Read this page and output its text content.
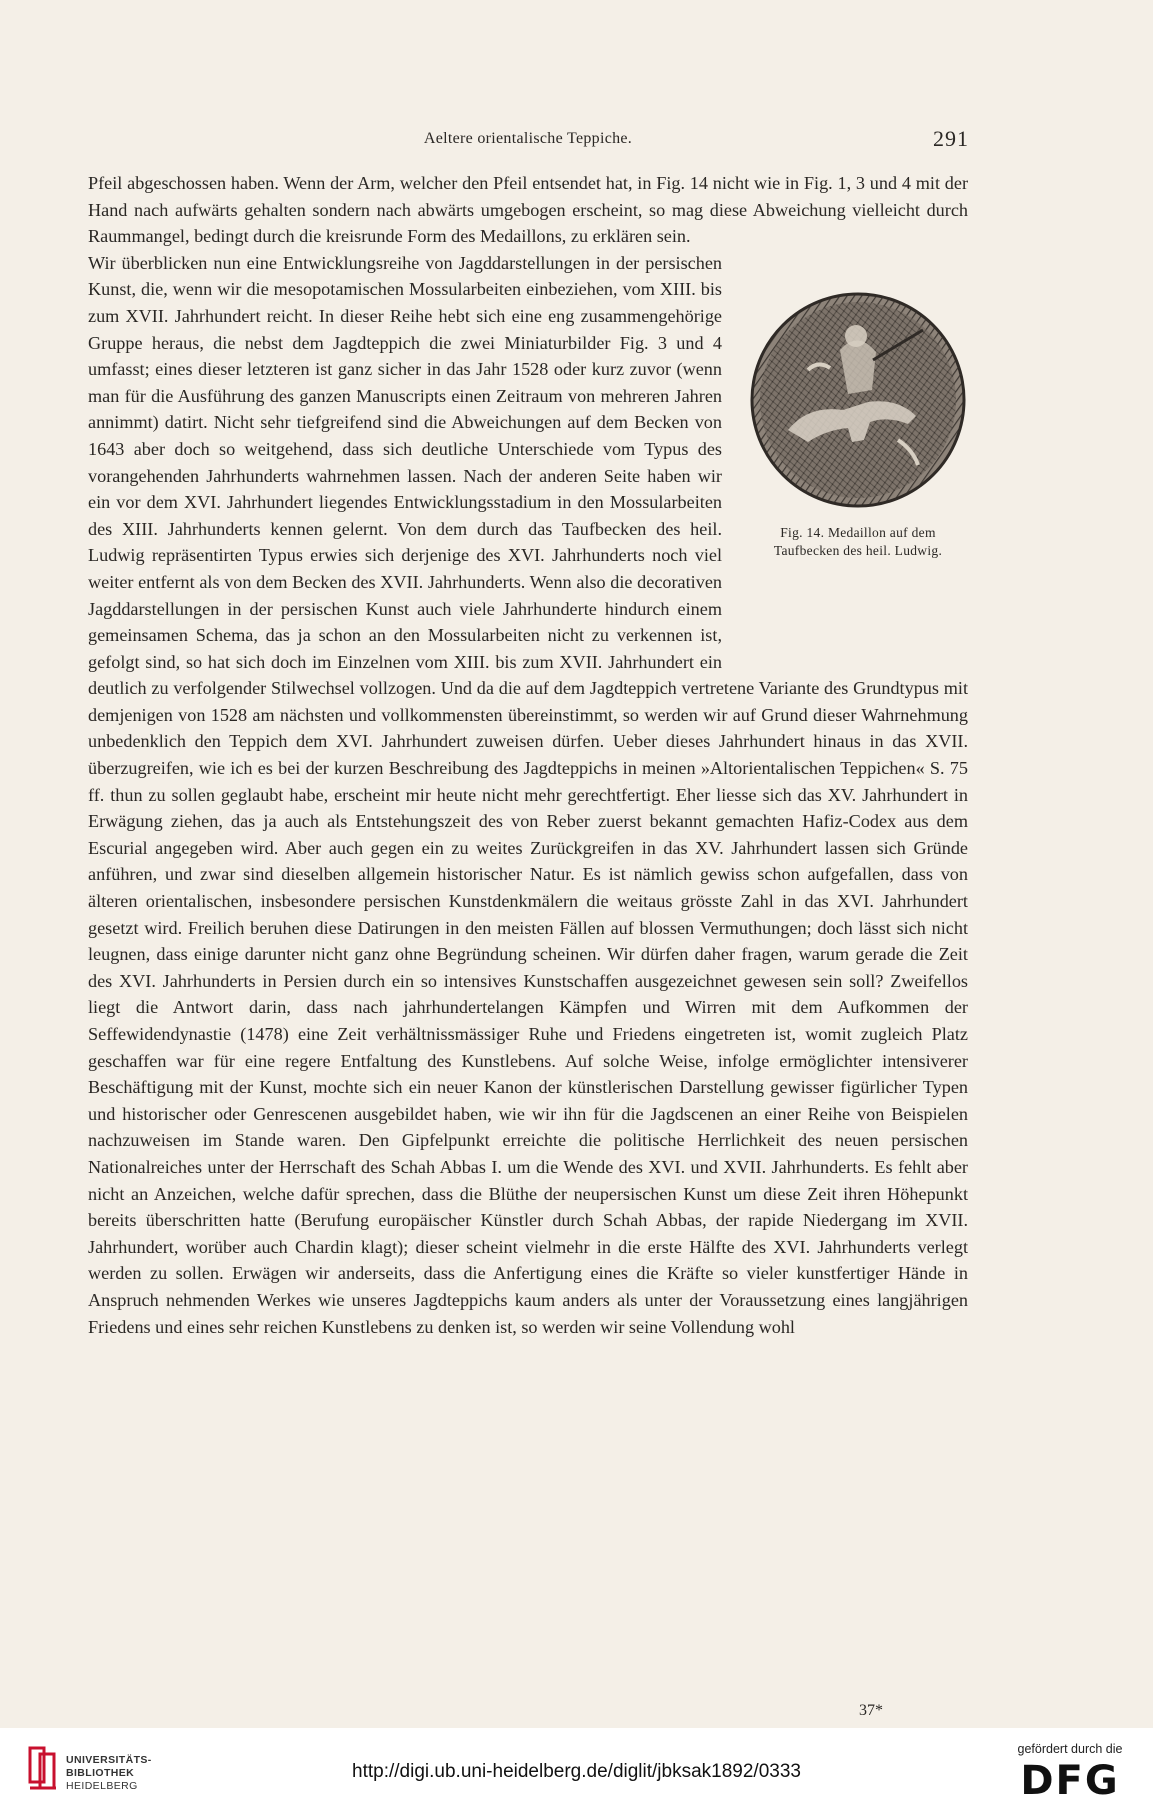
Aeltere orientalische Teppiche.	291

Pfeil abgeschossen haben. Wenn der Arm, welcher den Pfeil entsendet hat, in Fig. 14 nicht wie in Fig. 1, 3 und 4 mit der Hand nach aufwärts gehalten sondern nach abwärts umgebogen erscheint, so mag diese Abweichung vielleicht durch Raummangel, bedingt durch die kreisrunde Form des Medaillons, zu erklären sein.

Fig. 14. Medaillon auf dem
Taufbecken des heil. Ludwig.

Wir überblicken nun eine Entwicklungsreihe von Jagddarstellungen in der persischen Kunst, die, wenn wir die mesopotamischen Mossularbeiten einbeziehen, vom XIII. bis zum XVII. Jahrhundert reicht. In dieser Reihe hebt sich eine eng zusammengehörige Gruppe heraus, die nebst dem Jagdteppich die zwei Miniaturbilder Fig. 3 und 4 umfasst; eines dieser letzteren ist ganz sicher in das Jahr 1528 oder kurz zuvor (wenn man für die Ausführung des ganzen Manuscripts einen Zeitraum von mehreren Jahren annimmt) datirt. Nicht sehr tiefgreifend sind die Abweichungen auf dem Becken von 1643 aber doch so weitgehend, dass sich deutliche Unterschiede vom Typus des vorangehenden Jahrhunderts wahrnehmen lassen. Nach der anderen Seite haben wir ein vor dem XVI. Jahrhundert liegendes Entwicklungsstadium in den Mossularbeiten des XIII. Jahrhunderts kennen gelernt. Von dem durch das Taufbecken des heil. Ludwig repräsentirten Typus erwies sich derjenige des XVI. Jahrhunderts noch viel weiter entfernt als von dem Becken des XVII. Jahrhunderts. Wenn also die decorativen Jagddarstellungen in der persischen Kunst auch viele Jahrhunderte hindurch einem gemeinsamen Schema, das ja schon an den Mossularbeiten nicht zu verkennen ist, gefolgt sind, so hat sich doch im Einzelnen vom XIII. bis zum XVII. Jahrhundert ein deutlich zu verfolgender Stilwechsel vollzogen. Und da die auf dem Jagdteppich vertretene Variante des Grundtypus mit demjenigen von 1528 am nächsten und vollkommensten übereinstimmt, so werden wir auf Grund dieser Wahrnehmung unbedenklich den Teppich dem XVI. Jahrhundert zuweisen dürfen. Ueber dieses Jahrhundert hinaus in das XVII. überzugreifen, wie ich es bei der kurzen Beschreibung des Jagdteppichs in meinen »Altorientalischen Teppichen« S. 75 ff. thun zu sollen geglaubt habe, erscheint mir heute nicht mehr gerechtfertigt. Eher liesse sich das XV. Jahrhundert in Erwägung ziehen, das ja auch als Entstehungszeit des von Reber zuerst bekannt gemachten Hafiz-Codex aus dem Escurial angegeben wird. Aber auch gegen ein zu weites Zurückgreifen in das XV. Jahrhundert lassen sich Gründe anführen, und zwar sind dieselben allgemein historischer Natur. Es ist nämlich gewiss schon aufgefallen, dass von älteren orientalischen, insbesondere persischen Kunstdenkmälern die weitaus grösste Zahl in das XVI. Jahrhundert gesetzt wird. Freilich beruhen diese Datirungen in den meisten Fällen auf blossen Vermuthungen; doch lässt sich nicht leugnen, dass einige darunter nicht ganz ohne Begründung scheinen. Wir dürfen daher fragen, warum gerade die Zeit des XVI. Jahrhunderts in Persien durch ein so intensives Kunstschaffen ausgezeichnet gewesen sein soll? Zweifellos liegt die Antwort darin, dass nach jahrhundertelangen Kämpfen und Wirren mit dem Aufkommen der Seffewidendynastie (1478) eine Zeit verhältnissmässiger Ruhe und Friedens eingetreten ist, womit zugleich Platz geschaffen war für eine regere Entfaltung des Kunstlebens. Auf solche Weise, infolge ermöglichter intensiverer Beschäftigung mit der Kunst, mochte sich ein neuer Kanon der künstlerischen Darstellung gewisser figürlicher Typen und historischer oder Genrescenen ausgebildet haben, wie wir ihn für die Jagdscenen an einer Reihe von Beispielen nachzuweisen im Stande waren. Den Gipfelpunkt erreichte die politische Herrlichkeit des neuen persischen Nationalreiches unter der Herrschaft des Schah Abbas I. um die Wende des XVI. und XVII. Jahrhunderts. Es fehlt aber nicht an Anzeichen, welche dafür sprechen, dass die Blüthe der neupersischen Kunst um diese Zeit ihren Höhepunkt bereits überschritten hatte (Berufung europäischer Künstler durch Schah Abbas, der rapide Niedergang im XVII. Jahrhundert, worüber auch Chardin klagt); dieser scheint vielmehr in die erste Hälfte des XVI. Jahrhunderts verlegt werden zu sollen. Erwägen wir anderseits, dass die Anfertigung eines die Kräfte so vieler kunstfertiger Hände in Anspruch nehmenden Werkes wie unseres Jagdteppichs kaum anders als unter der Voraussetzung eines langjährigen Friedens und eines sehr reichen Kunstlebens zu denken ist, so werden wir seine Vollendung wohl

37*
UNIVERSITÄTS-
BIBLIOTHEK
HEIDELBERG
http://digi.ub.uni-heidelberg.de/diglit/jbksak1892/0333
gefördert durch die
DFG
